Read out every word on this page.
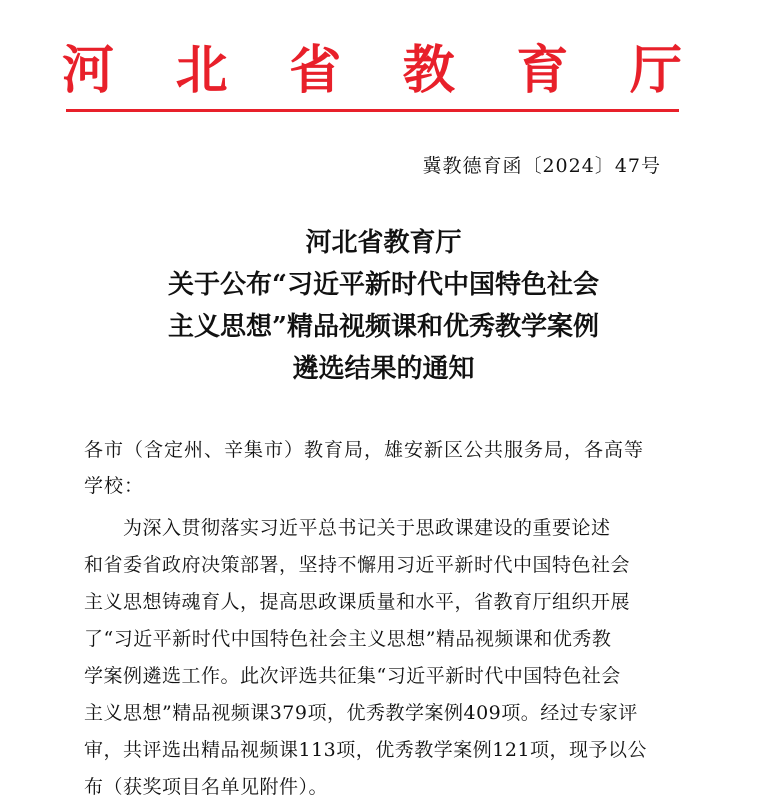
河 北 省 教 育 厅
冀教德育函〔2024〕47号
河北省教育厅
关于公布“习近平新时代中国特色社会
主义思想”精品视频课和优秀教学案例
遴选结果的通知
各市（含定州、辛集市）教育局，雄安新区公共服务局，各高等
学校：
　　为深入贯彻落实习近平总书记关于思政课建设的重要论述
和省委省政府决策部署，坚持不懈用习近平新时代中国特色社会
主义思想铸魂育人，提高思政课质量和水平，省教育厅组织开展
了“习近平新时代中国特色社会主义思想”精品视频课和优秀教
学案例遴选工作。此次评选共征集“习近平新时代中国特色社会
主义思想”精品视频课379项，优秀教学案例409项。经过专家评
审，共评选出精品视频课113项，优秀教学案例121项，现予以公
布（获奖项目名单见附件）。
